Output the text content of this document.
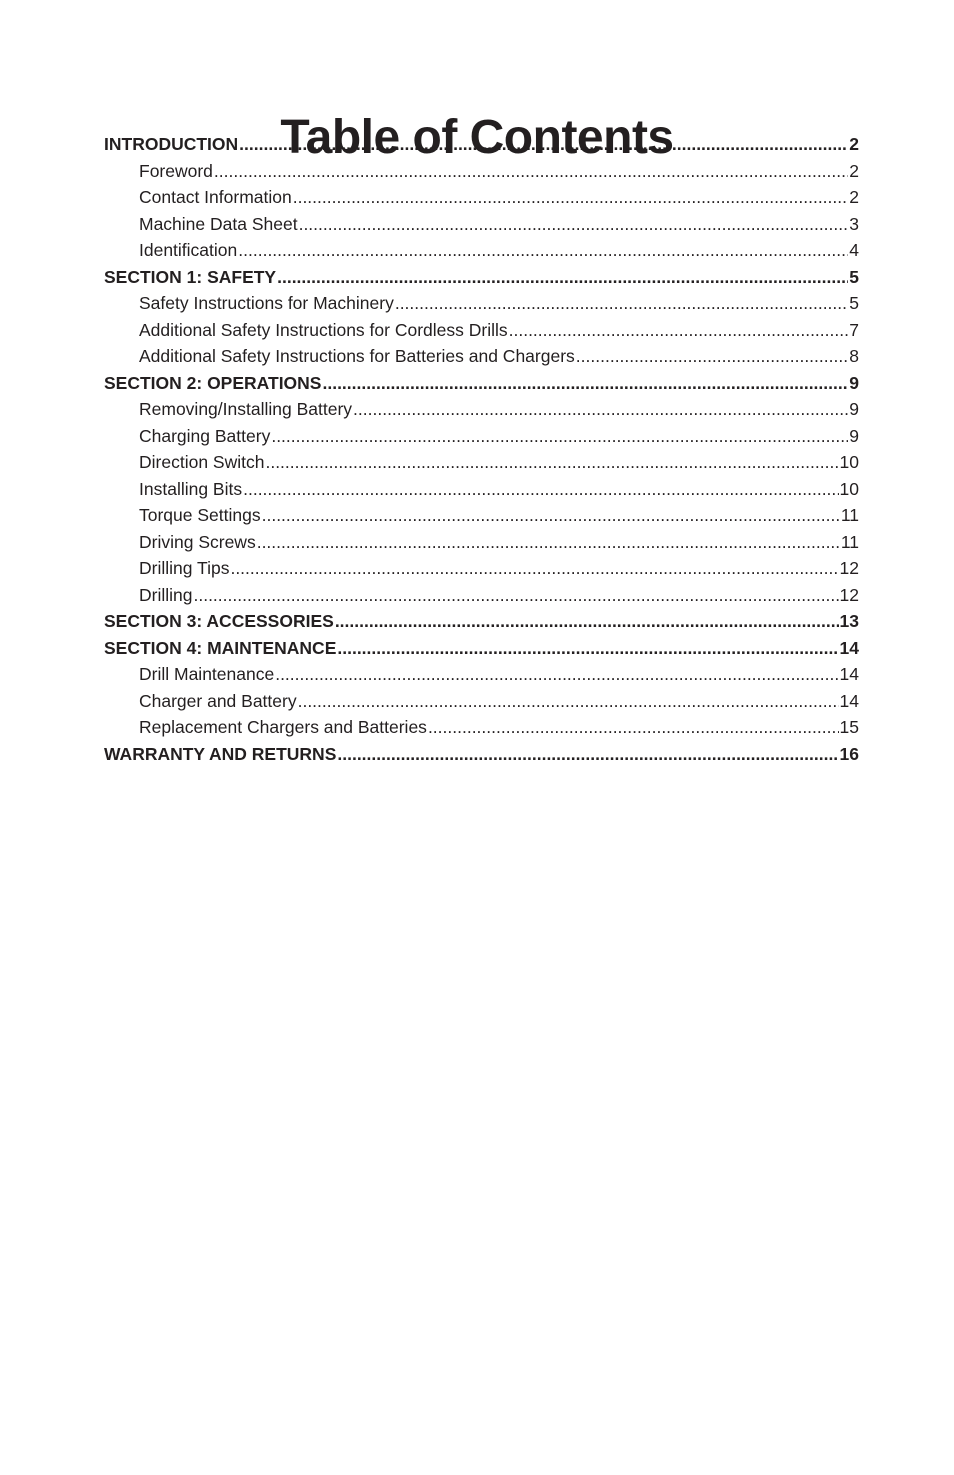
Table of Contents
INTRODUCTION .....	2
Foreword .....	2
Contact Information .....	2
Machine Data Sheet .....	3
Identification .....	4
SECTION 1: SAFETY .....	5
Safety Instructions for Machinery .....	5
Additional Safety Instructions for Cordless Drills .....	7
Additional Safety Instructions for Batteries and Chargers .....	8
SECTION 2: OPERATIONS .....	9
Removing/Installing Battery .....	9
Charging Battery .....	9
Direction Switch .....	10
Installing Bits .....	10
Torque Settings .....	11
Driving Screws .....	11
Drilling Tips .....	12
Drilling .....	12
SECTION 3: ACCESSORIES .....	13
SECTION 4: MAINTENANCE .....	14
Drill Maintenance .....	14
Charger and Battery .....	14
Replacement Chargers and Batteries .....	15
WARRANTY AND RETURNS .....	16
